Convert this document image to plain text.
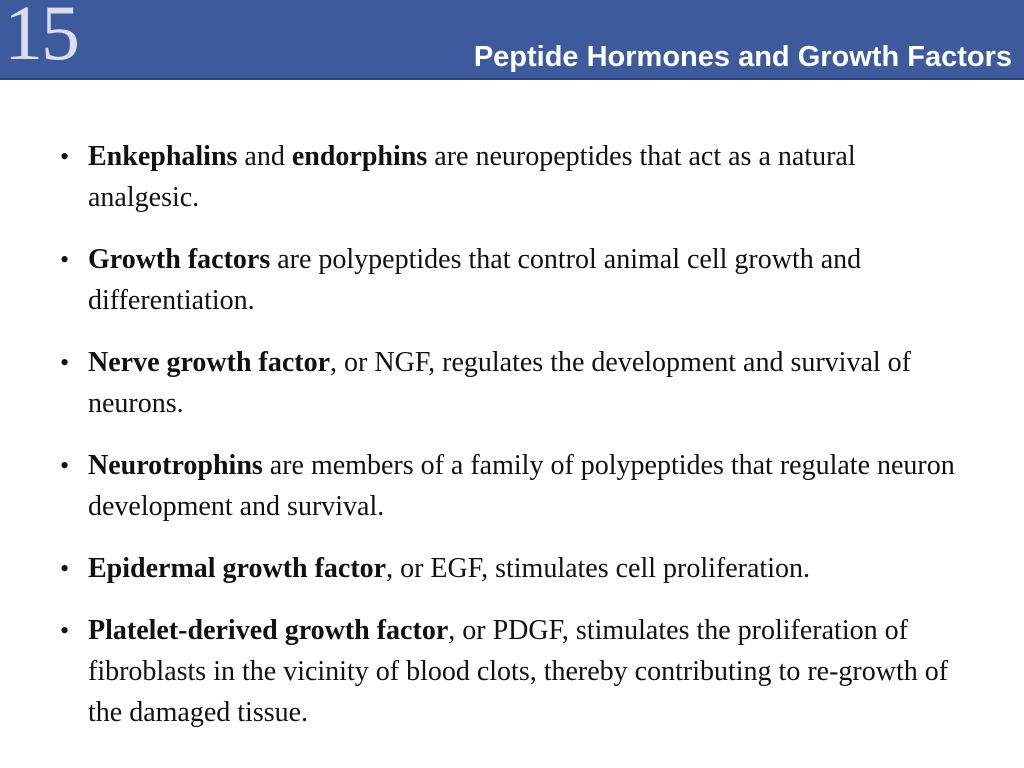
15	Peptide Hormones and Growth Factors
• Enkephalins and endorphins are neuropeptides that act as a natural analgesic.
• Growth factors are polypeptides that control animal cell growth and differentiation.
• Nerve growth factor, or NGF, regulates the development and survival of neurons.
• Neurotrophins are members of a family of polypeptides that regulate neuron development and survival.
• Epidermal growth factor, or EGF, stimulates cell proliferation.
• Platelet-derived growth factor, or PDGF, stimulates the proliferation of fibroblasts in the vicinity of blood clots, thereby contributing to re-growth of the damaged tissue.
